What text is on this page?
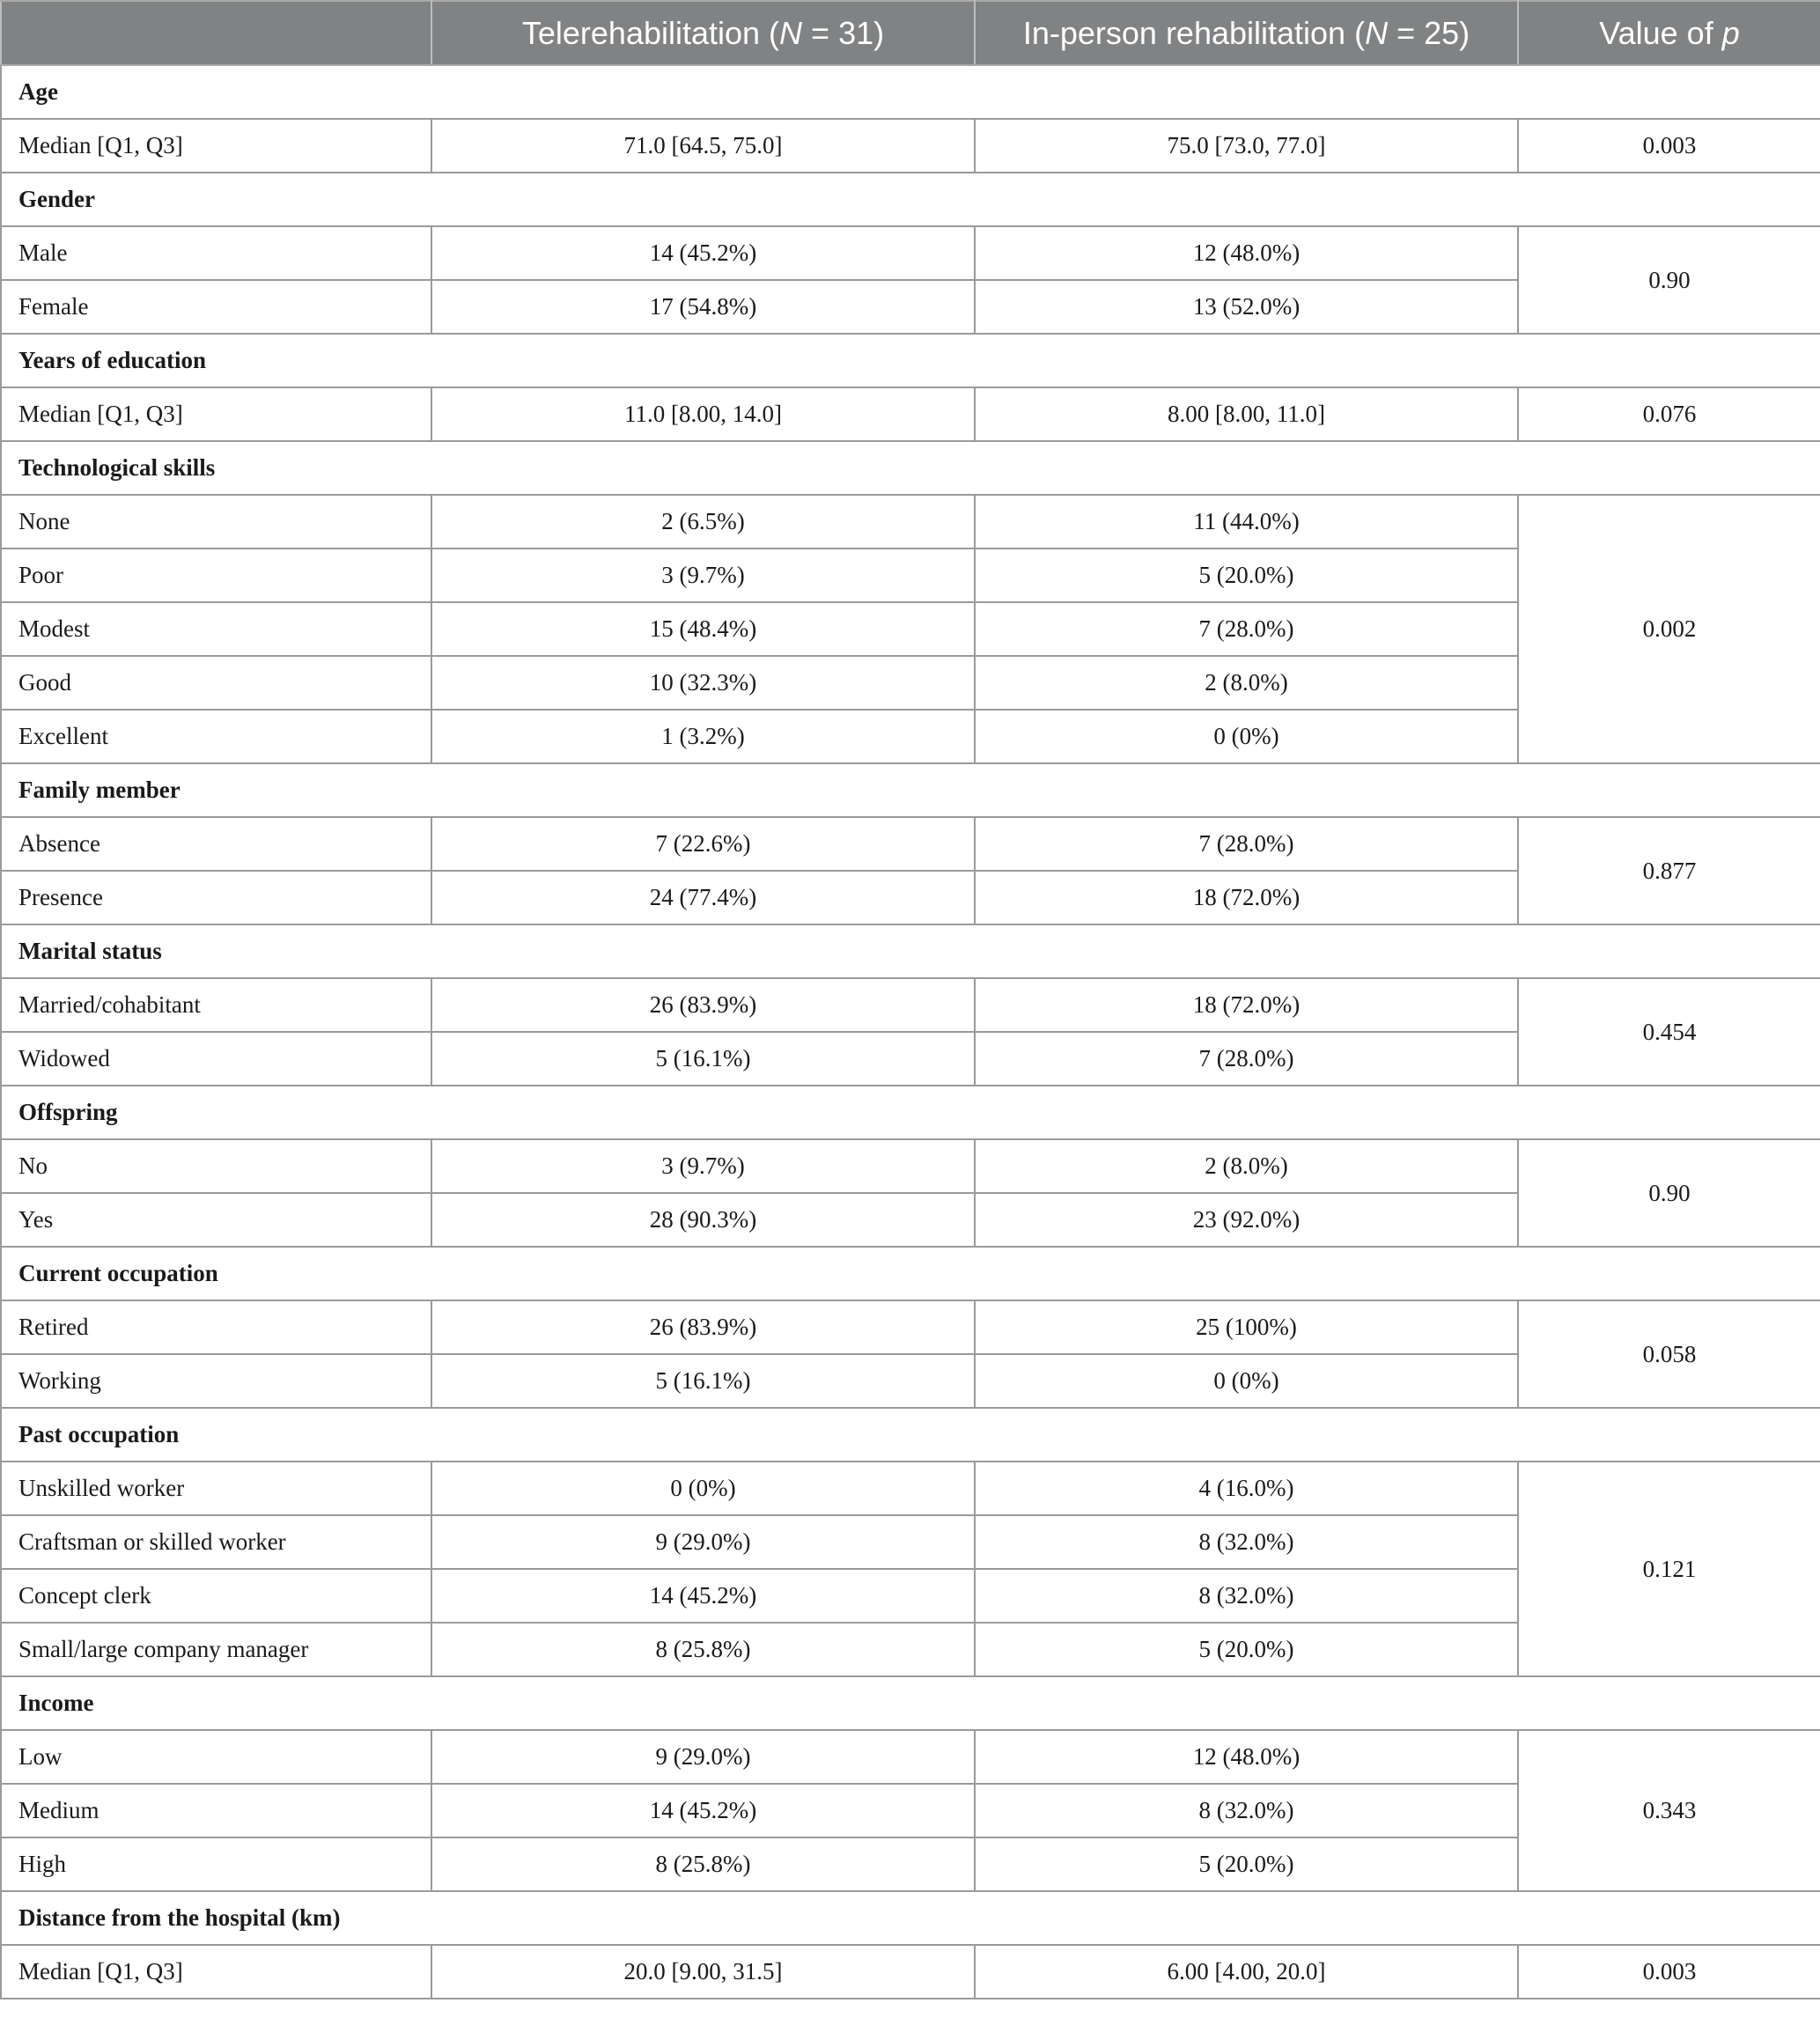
	Telerehabilitation (N = 31)	In-person rehabilitation (N = 25)	Value of p
Age			
Median [Q1, Q3]	71.0 [64.5, 75.0]	75.0 [73.0, 77.0]	0.003
Gender			
Male	14 (45.2%)	12 (48.0%)	0.90
Female	17 (54.8%)	13 (52.0%)	
Years of education			
Median [Q1, Q3]	11.0 [8.00, 14.0]	8.00 [8.00, 11.0]	0.076
Technological skills			
None	2 (6.5%)	11 (44.0%)	0.002
Poor	3 (9.7%)	5 (20.0%)	
Modest	15 (48.4%)	7 (28.0%)	
Good	10 (32.3%)	2 (8.0%)	
Excellent	1 (3.2%)	0 (0%)	
Family member			
Absence	7 (22.6%)	7 (28.0%)	0.877
Presence	24 (77.4%)	18 (72.0%)	
Marital status			
Married/cohabitant	26 (83.9%)	18 (72.0%)	0.454
Widowed	5 (16.1%)	7 (28.0%)	
Offspring			
No	3 (9.7%)	2 (8.0%)	0.90
Yes	28 (90.3%)	23 (92.0%)	
Current occupation			
Retired	26 (83.9%)	25 (100%)	0.058
Working	5 (16.1%)	0 (0%)	
Past occupation			
Unskilled worker	0 (0%)	4 (16.0%)	0.121
Craftsman or skilled worker	9 (29.0%)	8 (32.0%)	
Concept clerk	14 (45.2%)	8 (32.0%)	
Small/large company manager	8 (25.8%)	5 (20.0%)	
Income			
Low	9 (29.0%)	12 (48.0%)	0.343
Medium	14 (45.2%)	8 (32.0%)	
High	8 (25.8%)	5 (20.0%)	
Distance from the hospital (km)			
Median [Q1, Q3]	20.0 [9.00, 31.5]	6.00 [4.00, 20.0]	0.003
